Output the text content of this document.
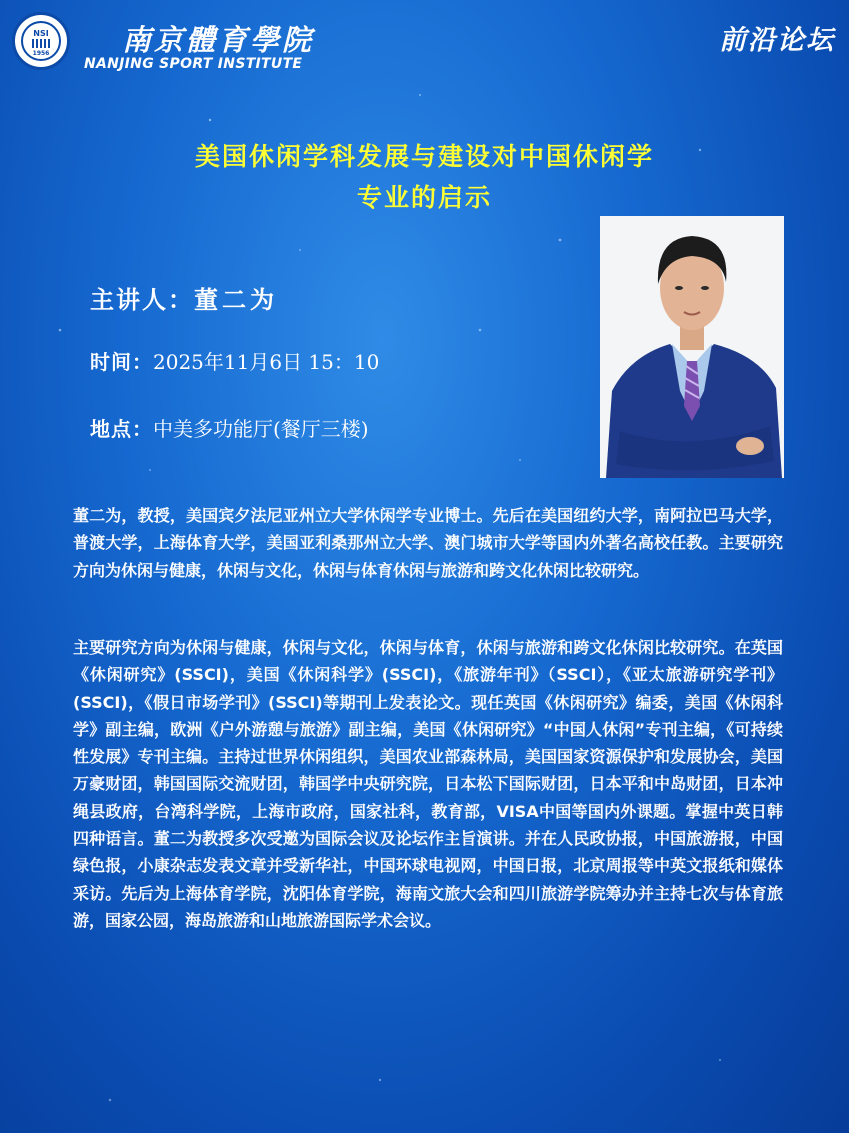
NSI
1956	南京體育學院
NANJING SPORT INSTITUTE
前沿论坛
美国休闲学科发展与建设对中国休闲学
专业的启示
主讲人：董二为
时间：2025年11月6日 15：10
地点：中美多功能厅(餐厅三楼)

董二为，教授，美国宾夕法尼亚州立大学休闲学专业博士。先后在美国纽约大学，南阿拉巴马大学，普渡大学，上海体育大学，美国亚利桑那州立大学、澳门城市大学等国内外著名高校任教。主要研究方向为休闲与健康，休闲与文化，休闲与体育休闲与旅游和跨文化休闲比较研究。

主要研究方向为休闲与健康，休闲与文化，休闲与体育，休闲与旅游和跨文化休闲比较研究。在英国《休闲研究》(SSCI)，美国《休闲科学》(SSCI)，《旅游年刊》（SSCI），《亚太旅游研究学刊》(SSCI)，《假日市场学刊》(SSCI)等期刊上发表论文。现任英国《休闲研究》编委，美国《休闲科学》副主编，欧洲《户外游憩与旅游》副主编，美国《休闲研究》“中国人休闲”专刊主编，《可持续性发展》专刊主编。主持过世界休闲组织，美国农业部森林局，美国国家资源保护和发展协会，美国万豪财团，韩国国际交流财团，韩国学中央研究院，日本松下国际财团，日本平和中岛财团，日本冲绳县政府，台湾科学院，上海市政府，国家社科，教育部，VISA中国等国内外课题。掌握中英日韩四种语言。董二为教授多次受邀为国际会议及论坛作主旨演讲。并在人民政协报，中国旅游报，中国绿色报，小康杂志发表文章并受新华社，中国环球电视网，中国日报，北京周报等中英文报纸和媒体采访。先后为上海体育学院，沈阳体育学院，海南文旅大会和四川旅游学院筹办并主持七次与体育旅游，国家公园，海岛旅游和山地旅游国际学术会议。
